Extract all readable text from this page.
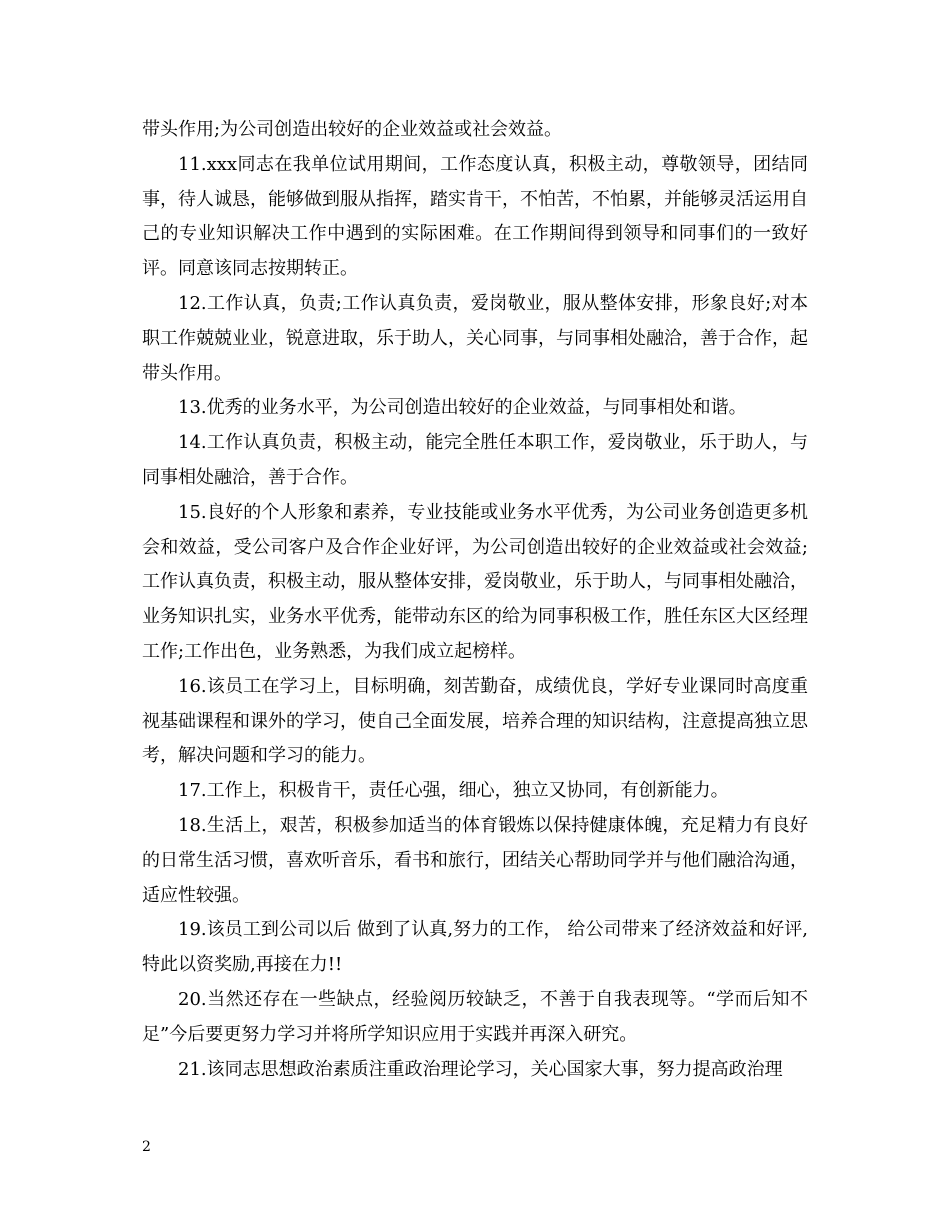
带头作用;为公司创造出较好的企业效益或社会效益。

11.xxx同志在我单位试用期间，工作态度认真，积极主动，尊敬领导，团结同事，待人诚恳，能够做到服从指挥，踏实肯干，不怕苦，不怕累，并能够灵活运用自己的专业知识解决工作中遇到的实际困难。在工作期间得到领导和同事们的一致好评。同意该同志按期转正。

12.工作认真，负责;工作认真负责，爱岗敬业，服从整体安排，形象良好;对本职工作兢兢业业，锐意进取，乐于助人，关心同事，与同事相处融洽，善于合作，起带头作用。

13.优秀的业务水平，为公司创造出较好的企业效益，与同事相处和谐。

14.工作认真负责，积极主动，能完全胜任本职工作，爱岗敬业，乐于助人，与同事相处融洽，善于合作。

15.良好的个人形象和素养，专业技能或业务水平优秀，为公司业务创造更多机会和效益，受公司客户及合作企业好评，为公司创造出较好的企业效益或社会效益;工作认真负责，积极主动，服从整体安排，爱岗敬业，乐于助人，与同事相处融洽，业务知识扎实，业务水平优秀，能带动东区的给为同事积极工作，胜任东区大区经理工作;工作出色，业务熟悉，为我们成立起榜样。

16.该员工在学习上，目标明确，刻苦勤奋，成绩优良，学好专业课同时高度重视基础课程和课外的学习，使自己全面发展，培养合理的知识结构，注意提高独立思考，解决问题和学习的能力。

17.工作上，积极肯干，责任心强，细心，独立又协同，有创新能力。

18.生活上，艰苦，积极参加适当的体育锻炼以保持健康体魄，充足精力有良好的日常生活习惯，喜欢听音乐，看书和旅行，团结关心帮助同学并与他们融洽沟通，适应性较强。

19.该员工到公司以后 做到了认真,努力的工作， 给公司带来了经济效益和好评,特此以资奖励,再接在力!!

20.当然还存在一些缺点，经验阅历较缺乏，不善于自我表现等。“学而后知不足”今后要更努力学习并将所学知识应用于实践并再深入研究。

21.该同志思想政治素质注重政治理论学习，关心国家大事，努力提高政治理

2
